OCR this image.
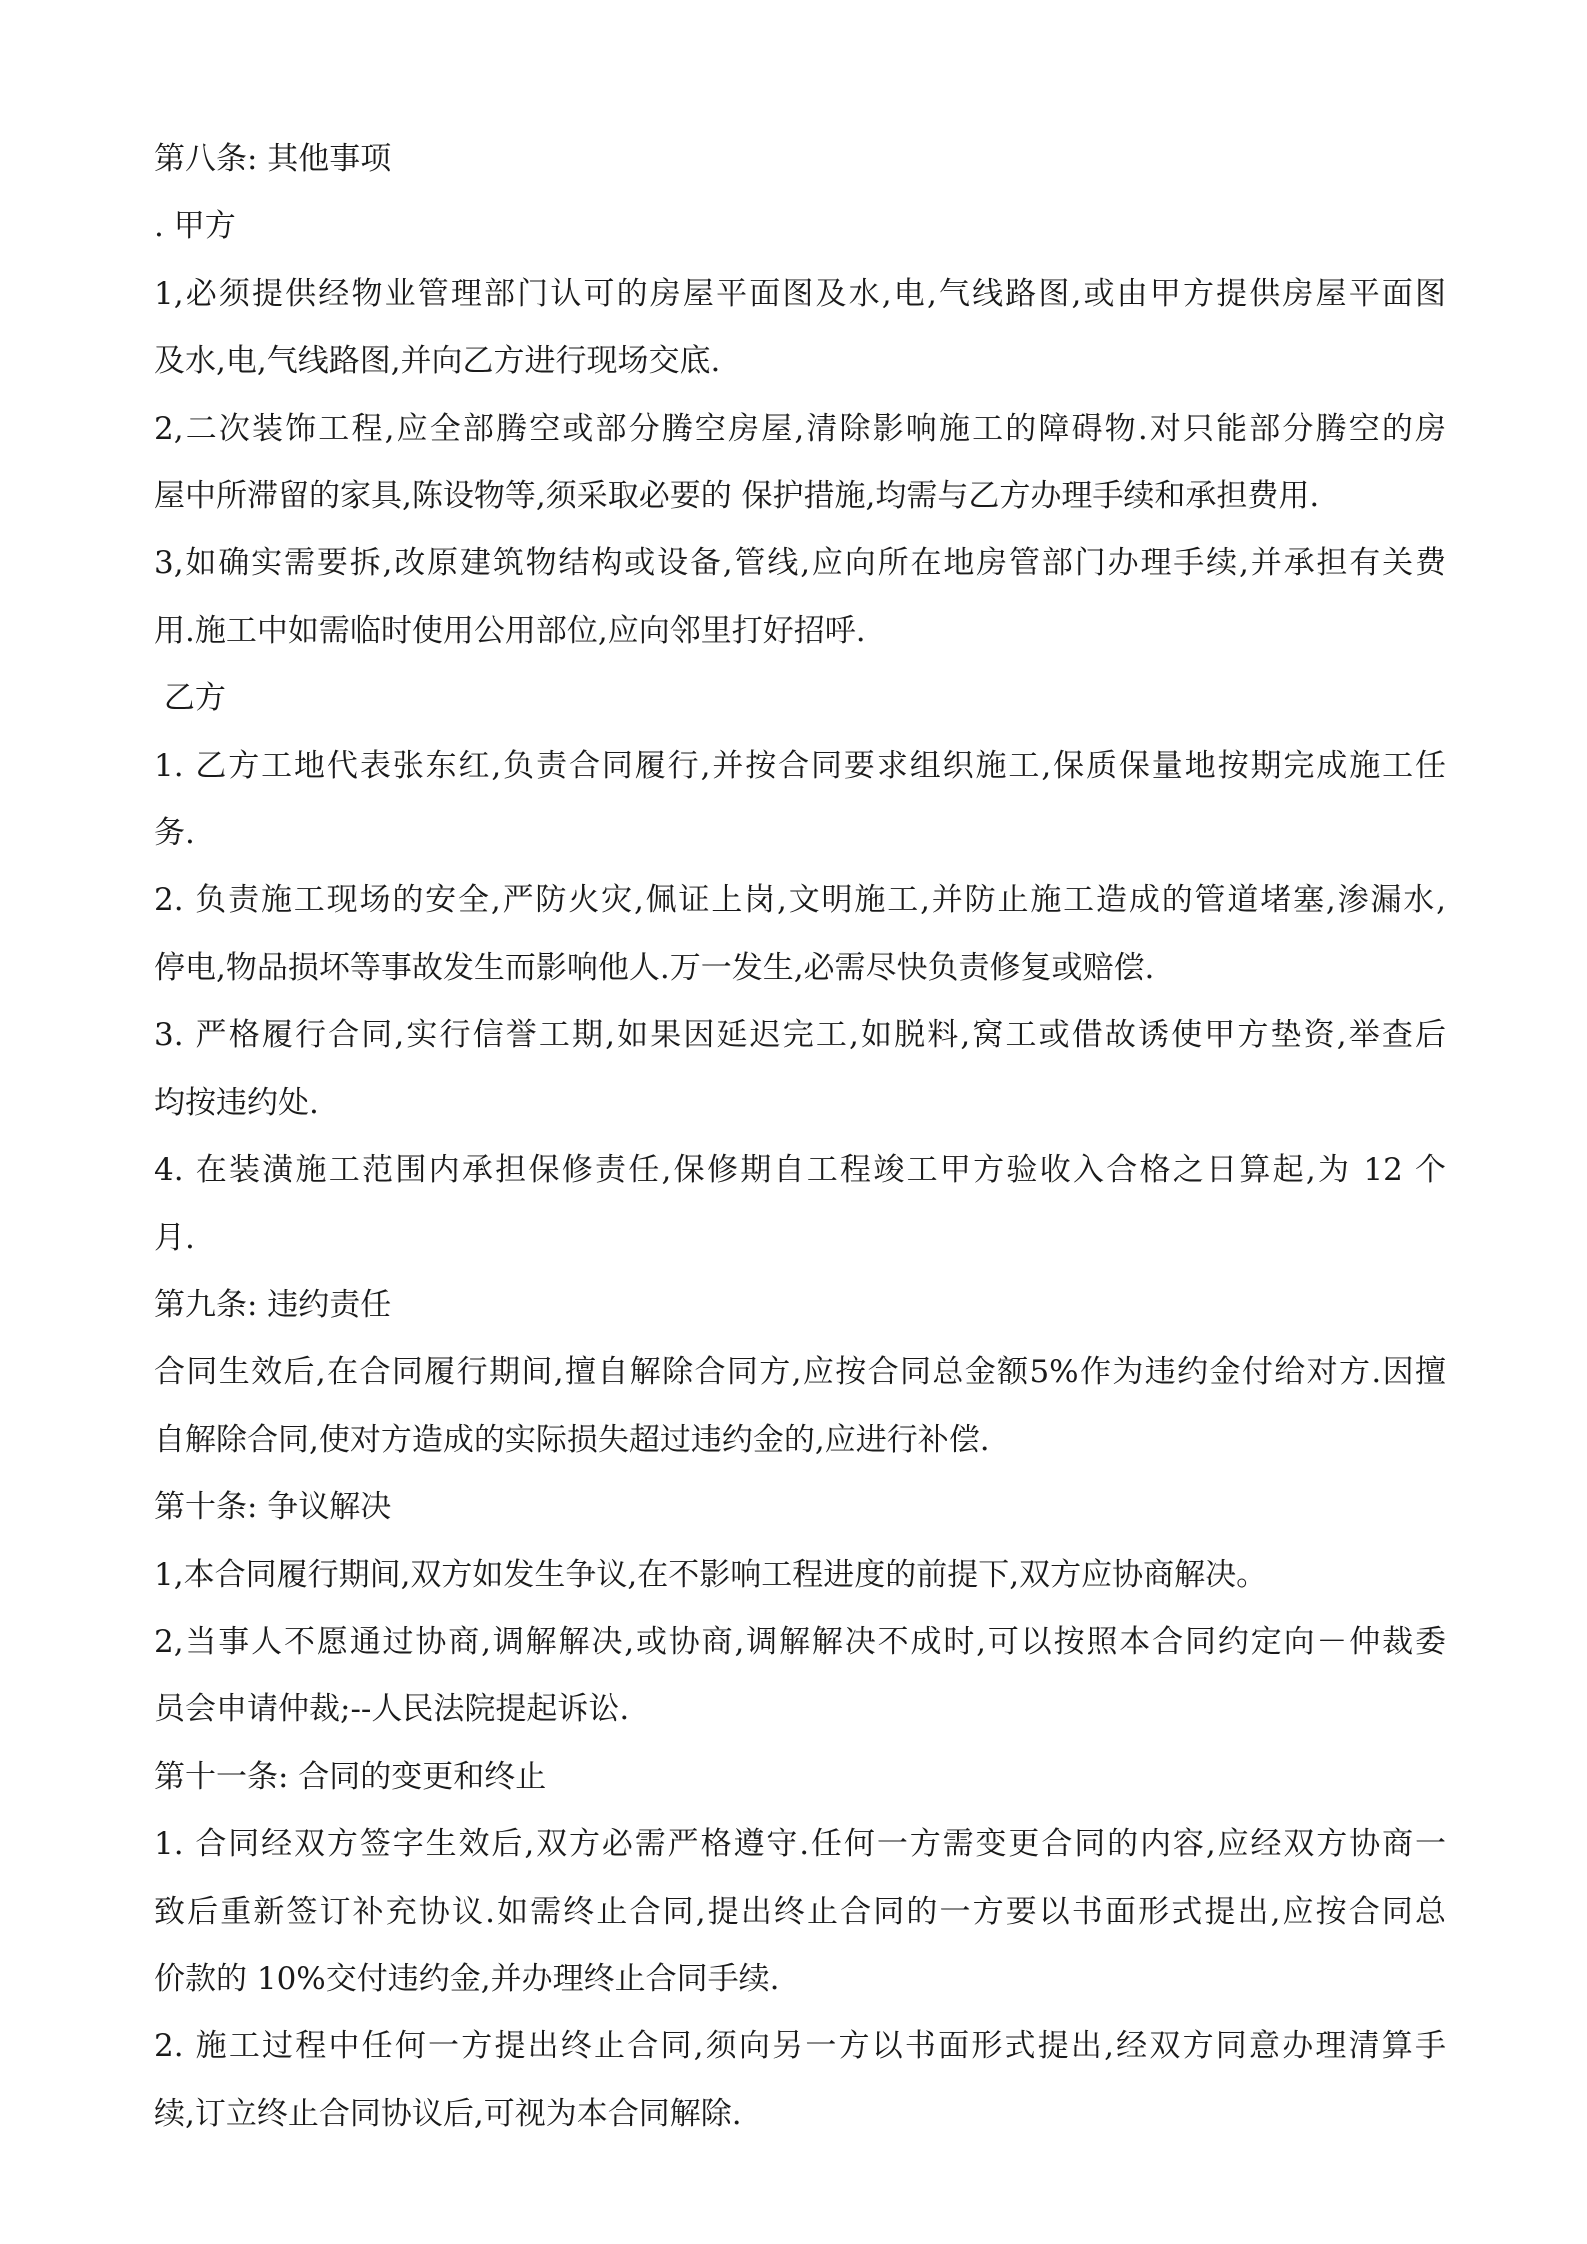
第八条: 其他事项
. 甲方
1,必须提供经物业管理部门认可的房屋平面图及水,电,气线路图,或由甲方提供房屋平面图
及水,电,气线路图,并向乙方进行现场交底.
2,二次装饰工程,应全部腾空或部分腾空房屋,清除影响施工的障碍物.对只能部分腾空的房
屋中所滞留的家具,陈设物等,须采取必要的 保护措施,均需与乙方办理手续和承担费用.
3,如确实需要拆,改原建筑物结构或设备,管线,应向所在地房管部门办理手续,并承担有关费
用.施工中如需临时使用公用部位,应向邻里打好招呼.
乙方
1. 乙方工地代表张东红,负责合同履行,并按合同要求组织施工,保质保量地按期完成施工任
务.
2. 负责施工现场的安全,严防火灾,佩证上岗,文明施工,并防止施工造成的管道堵塞,渗漏水,
停电,物品损坏等事故发生而影响他人.万一发生,必需尽快负责修复或赔偿.
3. 严格履行合同,实行信誉工期,如果因延迟完工,如脱料,窝工或借故诱使甲方垫资,举查后
均按违约处.
4. 在装潢施工范围内承担保修责任,保修期自工程竣工甲方验收入合格之日算起,为 12 个
月.
第九条: 违约责任
合同生效后,在合同履行期间,擅自解除合同方,应按合同总金额5%作为违约金付给对方.因擅
自解除合同,使对方造成的实际损失超过违约金的,应进行补偿.
第十条: 争议解决
1,本合同履行期间,双方如发生争议,在不影响工程进度的前提下,双方应协商解决。
2,当事人不愿通过协商,调解解决,或协商,调解解决不成时,可以按照本合同约定向－仲裁委
员会申请仲裁;--人民法院提起诉讼.
第十一条: 合同的变更和终止
1. 合同经双方签字生效后,双方必需严格遵守.任何一方需变更合同的内容,应经双方协商一
致后重新签订补充协议.如需终止合同,提出终止合同的一方要以书面形式提出,应按合同总
价款的 10%交付违约金,并办理终止合同手续.
2. 施工过程中任何一方提出终止合同,须向另一方以书面形式提出,经双方同意办理清算手
续,订立终止合同协议后,可视为本合同解除.
